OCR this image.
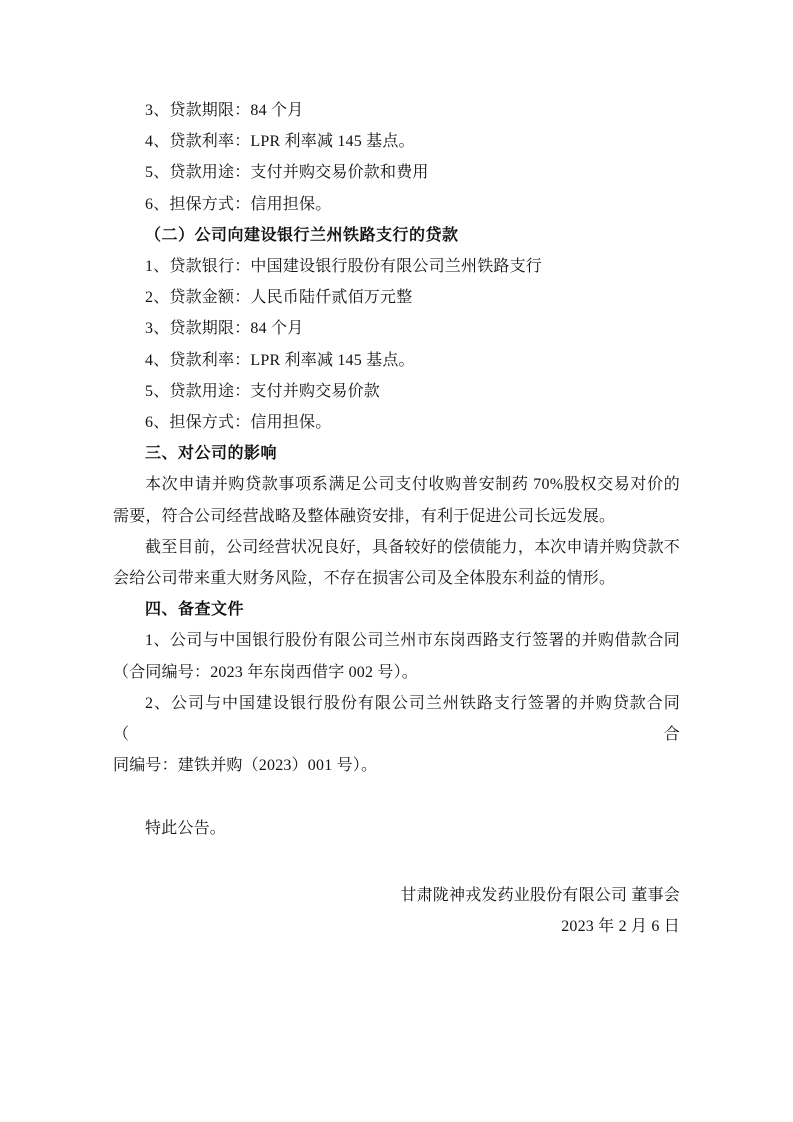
3、贷款期限：84 个月
4、贷款利率：LPR 利率减 145 基点。
5、贷款用途：支付并购交易价款和费用
6、担保方式：信用担保。
（二）公司向建设银行兰州铁路支行的贷款
1、贷款银行：中国建设银行股份有限公司兰州铁路支行
2、贷款金额：人民币陆仟贰佰万元整
3、贷款期限：84 个月
4、贷款利率：LPR 利率减 145 基点。
5、贷款用途：支付并购交易价款
6、担保方式：信用担保。
三、对公司的影响
本次申请并购贷款事项系满足公司支付收购普安制药 70%股权交易对价的
需要，符合公司经营战略及整体融资安排，有利于促进公司长远发展。
截至目前，公司经营状况良好，具备较好的偿债能力，本次申请并购贷款不
会给公司带来重大财务风险，不存在损害公司及全体股东利益的情形。
四、备查文件
1、公司与中国银行股份有限公司兰州市东岗西路支行签署的并购借款合同
（合同编号：2023 年东岗西借字 002 号）。
2、公司与中国建设银行股份有限公司兰州铁路支行签署的并购贷款合同（合
同编号：建铁并购（2023）001 号）。
特此公告。
甘肃陇神戎发药业股份有限公司 董事会
2023 年 2 月 6 日
